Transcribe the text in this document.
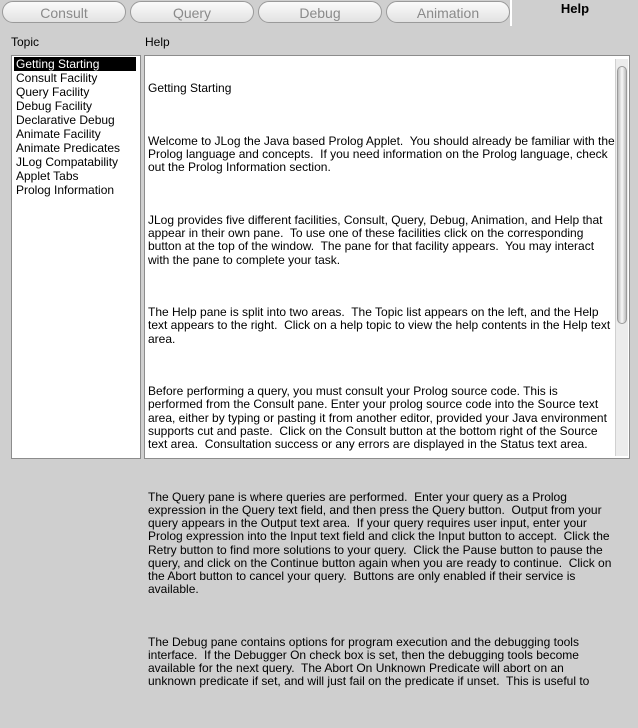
Consult	Query	Debug	Animation	Help
Topic	Help
Getting Starting
Consult Facility
Query Facility
Debug Facility
Declarative Debug
Animate Facility
Animate Predicates
JLog Compatability
Applet Tabs
Prolog Information

Getting Starting

Welcome to JLog the Java based Prolog Applet.  You should already be familiar with the Prolog language and concepts.  If you need information on the Prolog language, check out the Prolog Information section.

JLog provides five different facilities, Consult, Query, Debug, Animation, and Help that appear in their own pane.  To use one of these facilities click on the corresponding button at the top of the window.  The pane for that facility appears.  You may interact with the pane to complete your task.

The Help pane is split into two areas.  The Topic list appears on the left, and the Help text appears to the right.  Click on a help topic to view the help contents in the Help text area.

Before performing a query, you must consult your Prolog source code. This is performed from the Consult pane. Enter your prolog source code into the Source text area, either by typing or pasting it from another editor, provided your Java environment supports cut and paste.  Click on the Consult button at the bottom right of the Source text area.  Consultation success or any errors are displayed in the Status text area.

The Query pane is where queries are performed.  Enter your query as a Prolog expression in the Query text field, and then press the Query button.  Output from your query appears in the Output text area.  If your query requires user input, enter your Prolog expression into the Input text field and click the Input button to accept.  Click the Retry button to find more solutions to your query.  Click the Pause button to pause the query, and click on the Continue button again when you are ready to continue.  Click on the Abort button to cancel your query.  Buttons are only enabled if their service is available.

The Debug pane contains options for program execution and the debugging tools interface.  If the Debugger On check box is set, then the debugging tools become available for the next query.  The Abort On Unknown Predicate will abort on an unknown predicate if set, and will just fail on the predicate if unset.  This is useful to
